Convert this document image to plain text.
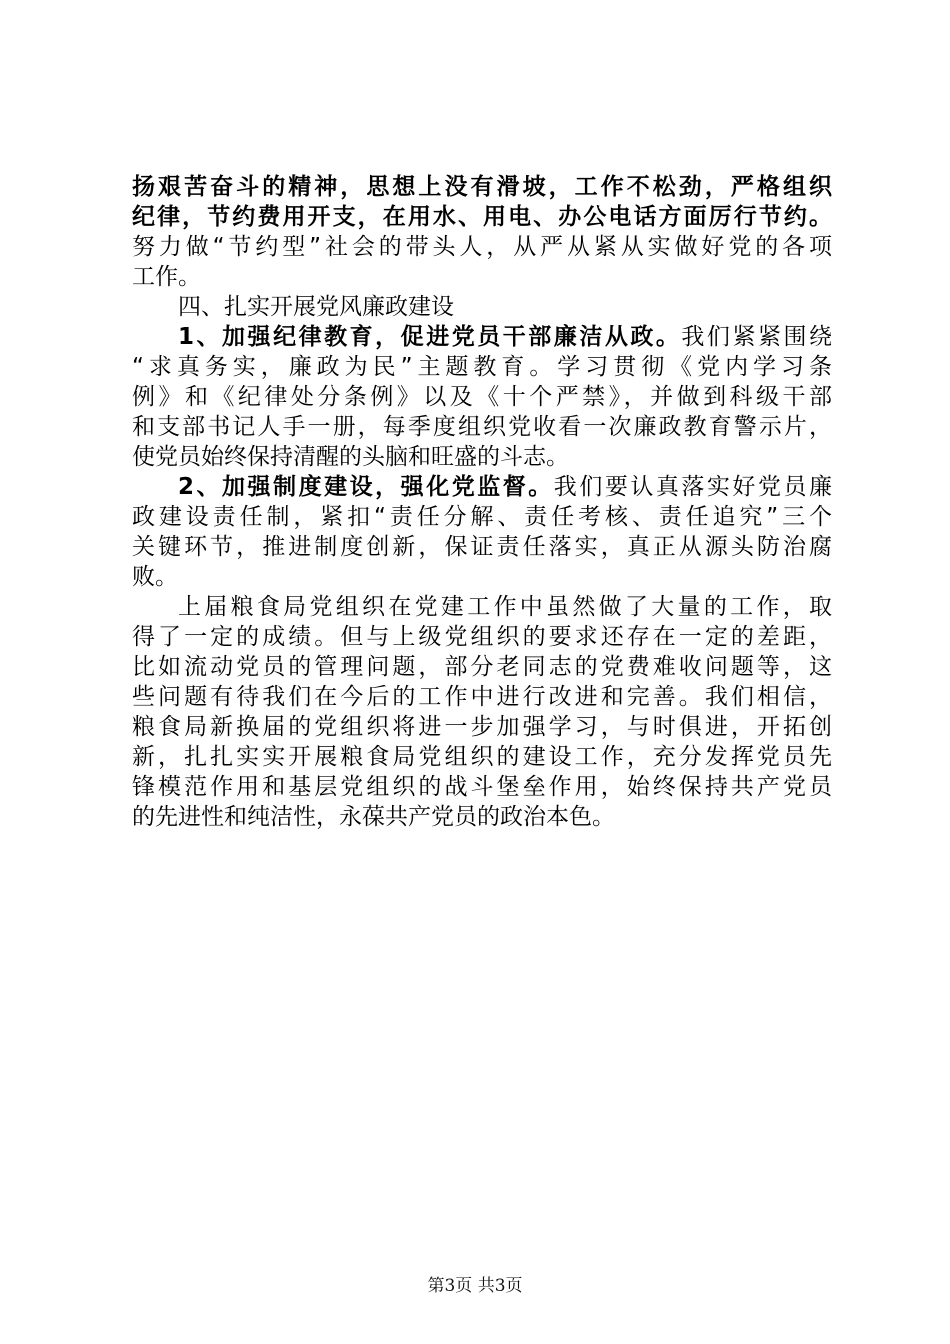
扬艰苦奋斗的精神，思想上没有滑坡，工作不松劲，严格组织
纪律，节约费用开支，在用水、用电、办公电话方面厉行节约。
努力做“节约型”社会的带头人，从严从紧从实做好党的各项
工作。
四、扎实开展党风廉政建设
1、加强纪律教育，促进党员干部廉洁从政。我们紧紧围绕
“求真务实，廉政为民”主题教育。学习贯彻《党内学习条
例》和《纪律处分条例》以及《十个严禁》，并做到科级干部
和支部书记人手一册，每季度组织党收看一次廉政教育警示片，
使党员始终保持清醒的头脑和旺盛的斗志。
2、加强制度建设，强化党监督。我们要认真落实好党员廉
政建设责任制，紧扣“责任分解、责任考核、责任追究”三个
关键环节，推进制度创新，保证责任落实，真正从源头防治腐
败。
上届粮食局党组织在党建工作中虽然做了大量的工作，取
得了一定的成绩。但与上级党组织的要求还存在一定的差距，
比如流动党员的管理问题，部分老同志的党费难收问题等，这
些问题有待我们在今后的工作中进行改进和完善。我们相信，
粮食局新换届的党组织将进一步加强学习，与时俱进，开拓创
新，扎扎实实开展粮食局党组织的建设工作，充分发挥党员先
锋模范作用和基层党组织的战斗堡垒作用，始终保持共产党员
的先进性和纯洁性，永葆共产党员的政治本色。
第3页 共3页
